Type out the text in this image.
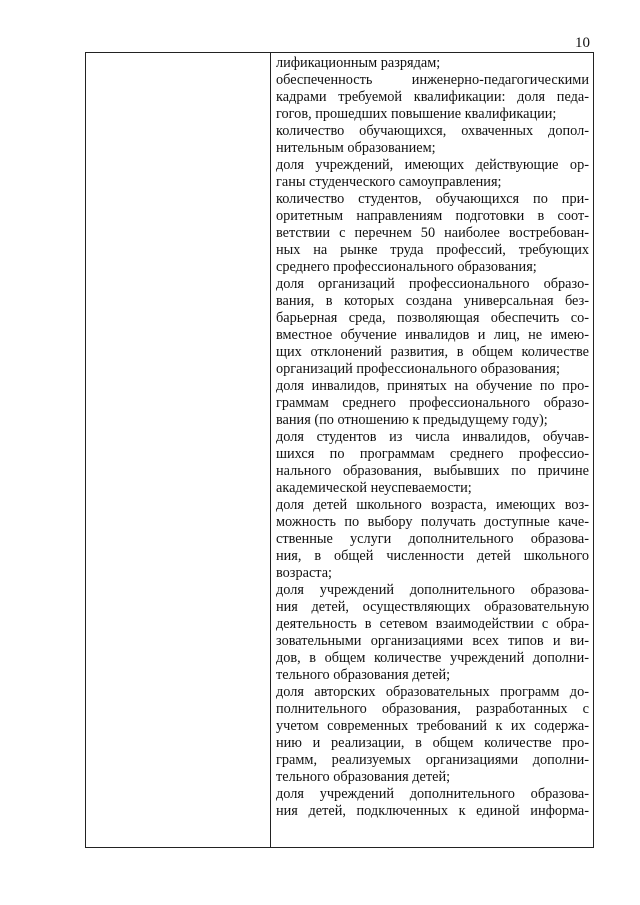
10
лификационным разрядам;
обеспеченность инженерно-педагогическими
кадрами требуемой квалификации: доля педа-
гогов, прошедших повышение квалификации;
количество обучающихся, охваченных допол-
нительным образованием;
доля учреждений, имеющих действующие ор-
ганы студенческого самоуправления;
количество студентов, обучающихся по при-
оритетным направлениям подготовки в соот-
ветствии с перечнем 50 наиболее востребован-
ных на рынке труда профессий, требующих
среднего профессионального образования;
доля организаций профессионального образо-
вания, в которых создана универсальная без-
барьерная среда, позволяющая обеспечить со-
вместное обучение инвалидов и лиц, не имею-
щих отклонений развития, в общем количестве
организаций профессионального образования;
доля инвалидов, принятых на обучение по про-
граммам среднего профессионального образо-
вания (по отношению к предыдущему году);
доля студентов из числа инвалидов, обучав-
шихся по программам среднего профессио-
нального образования, выбывших по причине
академической неуспеваемости;
доля детей школьного возраста, имеющих воз-
можность по выбору получать доступные каче-
ственные услуги дополнительного образова-
ния, в общей численности детей школьного
возраста;
доля учреждений дополнительного образова-
ния детей, осуществляющих образовательную
деятельность в сетевом взаимодействии с обра-
зовательными организациями всех типов и ви-
дов, в общем количестве учреждений дополни-
тельного образования детей;
доля авторских образовательных программ до-
полнительного образования, разработанных с
учетом современных требований к их содержа-
нию и реализации, в общем количестве про-
грамм, реализуемых организациями дополни-
тельного образования детей;
доля учреждений дополнительного образова-
ния детей, подключенных к единой информа-
